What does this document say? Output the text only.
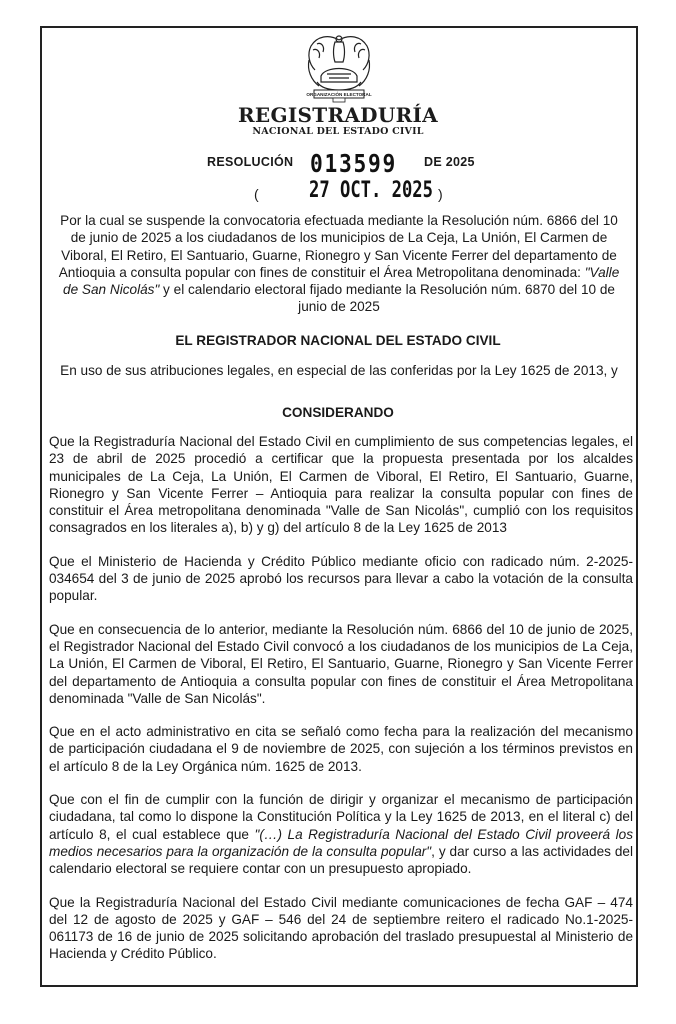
ORGANIZACIÓN ELECTORAL
REGISTRADURÍA
NACIONAL DEL ESTADO CIVIL
RESOLUCIÓN 013599 DE 2025
( 27 OCT. 2025 )
Por la cual se suspende la convocatoria efectuada mediante la Resolución núm. 6866 del 10 de junio de 2025 a los ciudadanos de los municipios de La Ceja, La Unión, El Carmen de Viboral, El Retiro, El Santuario, Guarne, Rionegro y San Vicente Ferrer del departamento de Antioquia a consulta popular con fines de constituir el Área Metropolitana denominada: "Valle de San Nicolás" y el calendario electoral fijado mediante la Resolución núm. 6870 del 10 de junio de 2025
EL REGISTRADOR NACIONAL DEL ESTADO CIVIL
En uso de sus atribuciones legales, en especial de las conferidas por la Ley 1625 de 2013, y
CONSIDERANDO

Que la Registraduría Nacional del Estado Civil en cumplimiento de sus competencias legales, el 23 de abril de 2025 procedió a certificar que la propuesta presentada por los alcaldes municipales de La Ceja, La Unión, El Carmen de Viboral, El Retiro, El Santuario, Guarne, Rionegro y San Vicente Ferrer – Antioquia para realizar la consulta popular con fines de constituir el Área metropolitana denominada "Valle de San Nicolás", cumplió con los requisitos consagrados en los literales a), b) y g) del artículo 8 de la Ley 1625 de 2013

Que el Ministerio de Hacienda y Crédito Público mediante oficio con radicado núm. 2-2025-034654 del 3 de junio de 2025 aprobó los recursos para llevar a cabo la votación de la consulta popular.

Que en consecuencia de lo anterior, mediante la Resolución núm. 6866 del 10 de junio de 2025, el Registrador Nacional del Estado Civil convocó a los ciudadanos de los municipios de La Ceja, La Unión, El Carmen de Viboral, El Retiro, El Santuario, Guarne, Rionegro y San Vicente Ferrer del departamento de Antioquia a consulta popular con fines de constituir el Área Metropolitana denominada "Valle de San Nicolás".

Que en el acto administrativo en cita se señaló como fecha para la realización del mecanismo de participación ciudadana el 9 de noviembre de 2025, con sujeción a los términos previstos en el artículo 8 de la Ley Orgánica núm. 1625 de 2013.

Que con el fin de cumplir con la función de dirigir y organizar el mecanismo de participación ciudadana, tal como lo dispone la Constitución Política y la Ley 1625 de 2013, en el literal c) del artículo 8, el cual establece que "(…) La Registraduría Nacional del Estado Civil proveerá los medios necesarios para la organización de la consulta popular", y dar curso a las actividades del calendario electoral se requiere contar con un presupuesto apropiado.

Que la Registraduría Nacional del Estado Civil mediante comunicaciones de fecha GAF – 474 del 12 de agosto de 2025 y GAF – 546 del 24 de septiembre reitero el radicado No.1-2025-061173 de 16 de junio de 2025 solicitando aprobación del traslado presupuestal al Ministerio de Hacienda y Crédito Público.
